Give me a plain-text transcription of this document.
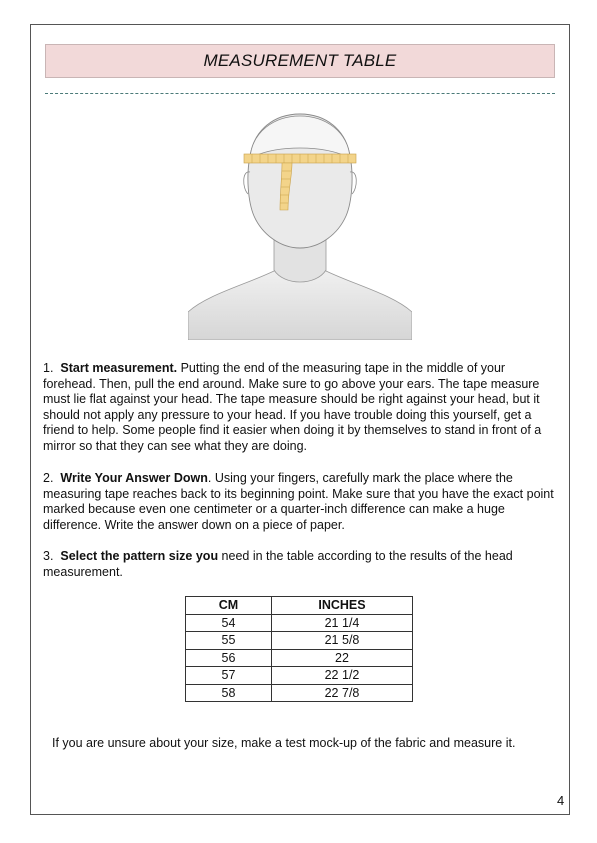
MEASUREMENT TABLE
1. Start measurement. Putting the end of the measuring tape in the middle of your forehead. Then, pull the end around. Make sure to go above your ears. The tape measure must lie flat against your head. The tape measure should be right against your head, but it should not apply any pressure to your head. If you have trouble doing this yourself, get a friend to help. Some people find it easier when doing it by themselves to stand in front of a mirror so that they can see what they are doing.
2. Write Your Answer Down. Using your fingers, carefully mark the place where the measuring tape reaches back to its beginning point. Make sure that you have the exact point marked because even one centimeter or a quarter-inch difference can make a huge difference. Write the answer down on a piece of paper.
3. Select the pattern size you need in the table according to the results of the head measurement.
CM	INCHES
54	21 1/4
55	21 5/8
56	22
57	22 1/2
58	22 7/8
If you are unsure about your size, make a test mock-up of the fabric and measure it.
4
